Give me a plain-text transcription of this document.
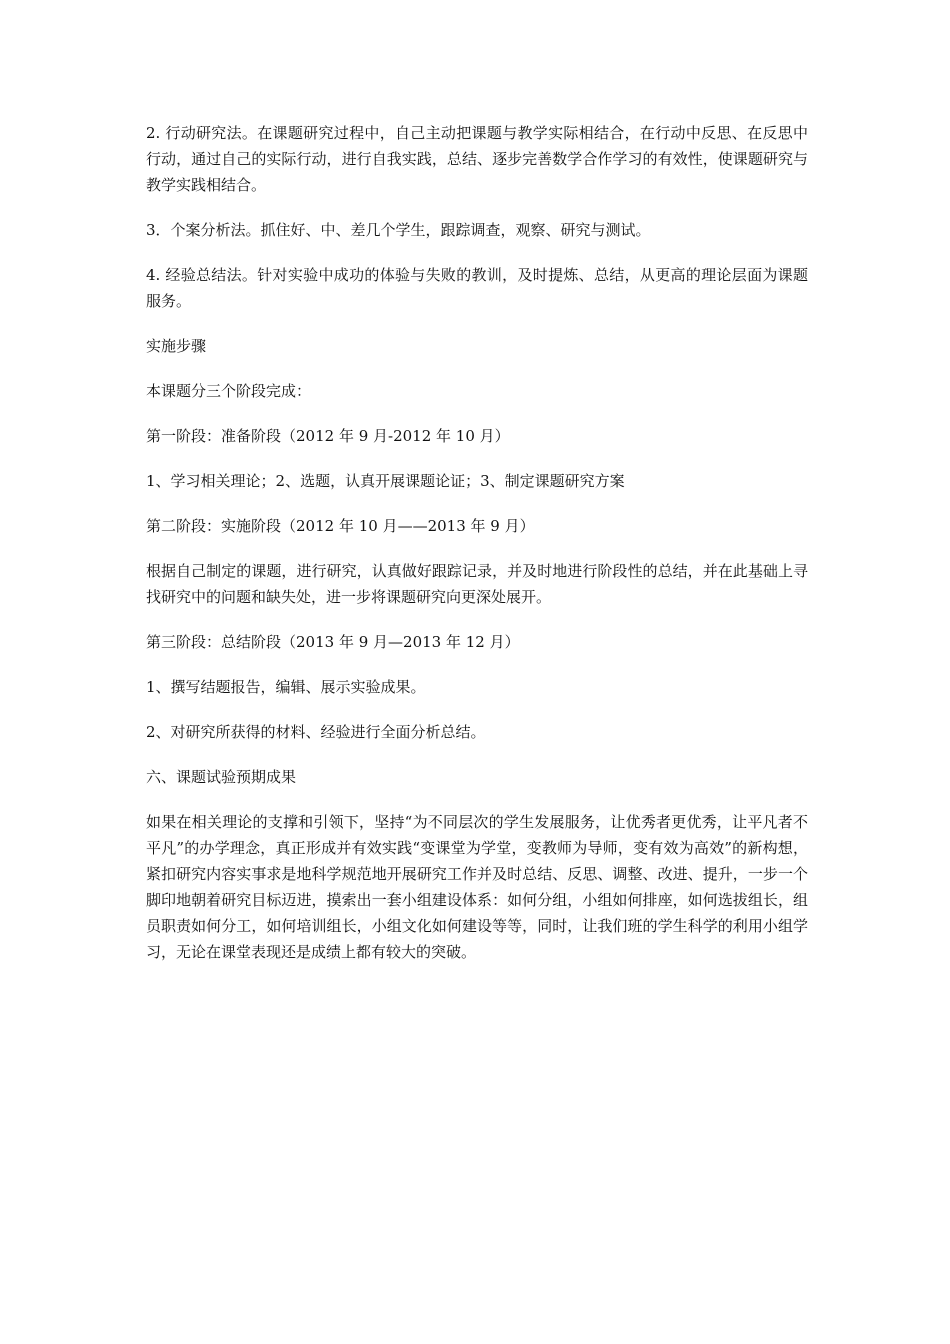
2. 行动研究法。在课题研究过程中，自己主动把课题与教学实际相结合，在行动中反思、在反思中行动，通过自己的实际行动，进行自我实践，总结、逐步完善数学合作学习的有效性，使课题研究与教学实践相结合。

3．个案分析法。抓住好、中、差几个学生，跟踪调查，观察、研究与测试。

4. 经验总结法。针对实验中成功的体验与失败的教训，及时提炼、总结，从更高的理论层面为课题服务。

实施步骤

本课题分三个阶段完成：

第一阶段：准备阶段（2012 年 9 月-2012 年 10 月）

1、学习相关理论；2、选题，认真开展课题论证；3、制定课题研究方案

第二阶段：实施阶段（2012 年 10 月——2013 年 9 月）

根据自己制定的课题，进行研究，认真做好跟踪记录，并及时地进行阶段性的总结，并在此基础上寻找研究中的问题和缺失处，进一步将课题研究向更深处展开。

第三阶段：总结阶段（2013 年 9 月—2013 年 12 月）

1、撰写结题报告，编辑、展示实验成果。

2、对研究所获得的材料、经验进行全面分析总结。

六、课题试验预期成果

如果在相关理论的支撑和引领下，坚持“为不同层次的学生发展服务，让优秀者更优秀，让平凡者不平凡”的办学理念，真正形成并有效实践“变课堂为学堂，变教师为导师，变有效为高效”的新构想，紧扣研究内容实事求是地科学规范地开展研究工作并及时总结、反思、调整、改进、提升，一步一个脚印地朝着研究目标迈进，摸索出一套小组建设体系：如何分组，小组如何排座，如何选拔组长，组员职责如何分工，如何培训组长，小组文化如何建设等等，同时，让我们班的学生科学的利用小组学习，无论在课堂表现还是成绩上都有较大的突破。
